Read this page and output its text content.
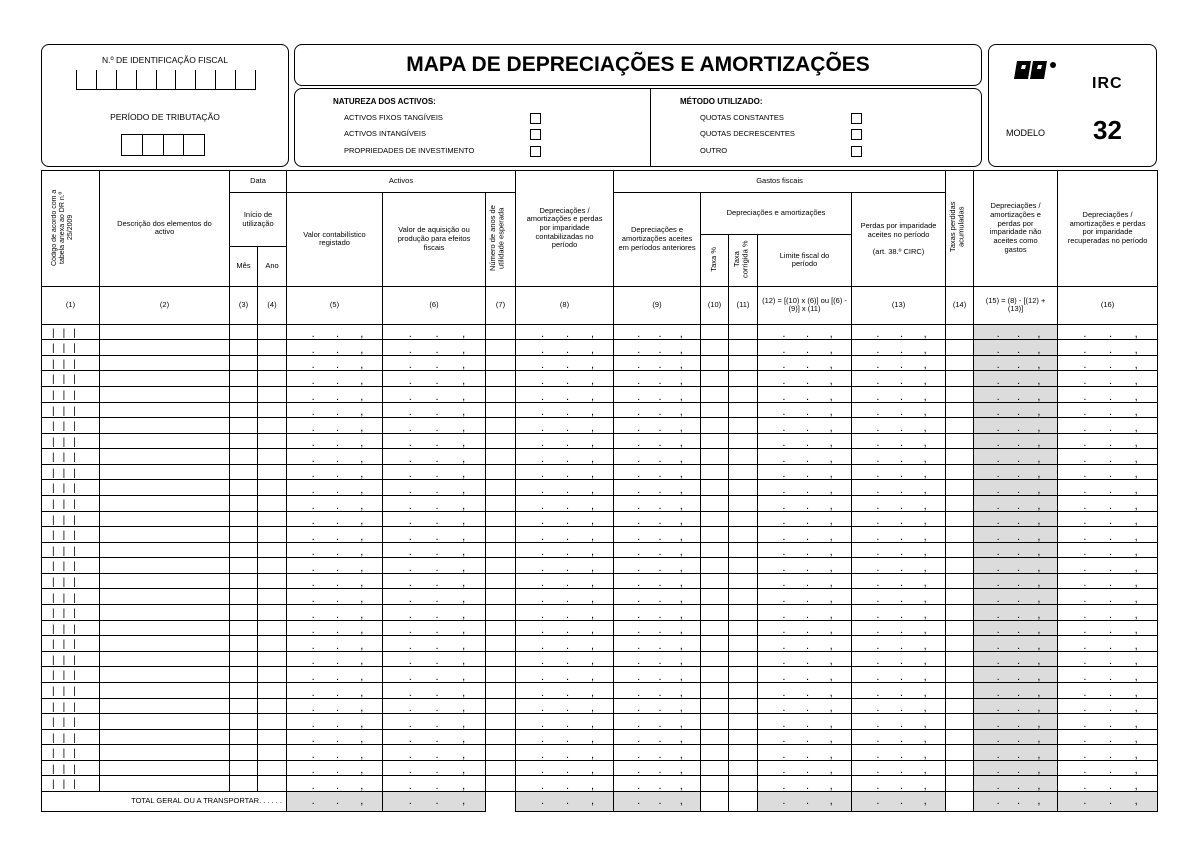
N.º DE IDENTIFICAÇÃO FISCAL
PERÍODO DE TRIBUTAÇÃO
MAPA DE DEPRECIAÇÕES E AMORTIZAÇÕES
NATUREZA DOS ACTIVOS:
ACTIVOS FIXOS TANGÍVEIS
ACTIVOS INTANGÍVEIS
PROPRIEDADES DE INVESTIMENTO
MÉTODO UTILIZADO:
QUOTAS CONSTANTES
QUOTAS DECRESCENTES
OUTRO
IRC
MODELO 32
Código de acordo com a tabela anexa ao DR n.º 25/2009	Descrição dos elementos do activo	Data		Activos			Depreciações / amortizações e perdas por imparidade contabilizadas no período	Gastos fiscais					Taxas perdidas acumuladas	Depreciações / amortizações e perdas por imparidade não aceites como gastos	Depreciações / amortizações e perdas por imparidade recuperadas no período
		Início de utilização		Valor contabilístico registado	Valor de aquisição ou produção para efeitos fiscais	Número de anos de utilidade esperada		Depreciações e amortizações aceites em períodos anteriores	Depreciações e amortizações			Perdas por imparidade aceites no período
(art. 38.º CIRC)			

									Taxa %	Taxa corrigida %	Limite fiscal do período				
		Mês	Ano												
(1)	(2)	(3)	(4)	(5)	(6)	(7)	(8)	(9)	(10)	(11)	(12) = [(10) x (6)] ou [(6) - (9)] x (11)	(13)	(14)	(15) = (8) - [(12) + (13)]	(16)

| | |				. . ,	. . ,		. . ,	. . ,			. . ,	. . ,		. . ,	. . ,

| | |				. . ,	. . ,		. . ,	. . ,			. . ,	. . ,		. . ,	. . ,

| | |				. . ,	. . ,		. . ,	. . ,			. . ,	. . ,		. . ,	. . ,

| | |				. . ,	. . ,		. . ,	. . ,			. . ,	. . ,		. . ,	. . ,

| | |				. . ,	. . ,		. . ,	. . ,			. . ,	. . ,		. . ,	. . ,

| | |				. . ,	. . ,		. . ,	. . ,			. . ,	. . ,		. . ,	. . ,

| | |				. . ,	. . ,		. . ,	. . ,			. . ,	. . ,		. . ,	. . ,

| | |				. . ,	. . ,		. . ,	. . ,			. . ,	. . ,		. . ,	. . ,

| | |				. . ,	. . ,		. . ,	. . ,			. . ,	. . ,		. . ,	. . ,

| | |				. . ,	. . ,		. . ,	. . ,			. . ,	. . ,		. . ,	. . ,

| | |				. . ,	. . ,		. . ,	. . ,			. . ,	. . ,		. . ,	. . ,

| | |				. . ,	. . ,		. . ,	. . ,			. . ,	. . ,		. . ,	. . ,

| | |				. . ,	. . ,		. . ,	. . ,			. . ,	. . ,		. . ,	. . ,

| | |				. . ,	. . ,		. . ,	. . ,			. . ,	. . ,		. . ,	. . ,

| | |				. . ,	. . ,		. . ,	. . ,			. . ,	. . ,		. . ,	. . ,

| | |				. . ,	. . ,		. . ,	. . ,			. . ,	. . ,		. . ,	. . ,

| | |				. . ,	. . ,		. . ,	. . ,			. . ,	. . ,		. . ,	. . ,

| | |				. . ,	. . ,		. . ,	. . ,			. . ,	. . ,		. . ,	. . ,

| | |				. . ,	. . ,		. . ,	. . ,			. . ,	. . ,		. . ,	. . ,

| | |				. . ,	. . ,		. . ,	. . ,			. . ,	. . ,		. . ,	. . ,

| | |				. . ,	. . ,		. . ,	. . ,			. . ,	. . ,		. . ,	. . ,

| | |				. . ,	. . ,		. . ,	. . ,			. . ,	. . ,		. . ,	. . ,

| | |				. . ,	. . ,		. . ,	. . ,			. . ,	. . ,		. . ,	. . ,

| | |				. . ,	. . ,		. . ,	. . ,			. . ,	. . ,		. . ,	. . ,

| | |				. . ,	. . ,		. . ,	. . ,			. . ,	. . ,		. . ,	. . ,

| | |				. . ,	. . ,		. . ,	. . ,			. . ,	. . ,		. . ,	. . ,

| | |				. . ,	. . ,		. . ,	. . ,			. . ,	. . ,		. . ,	. . ,

| | |				. . ,	. . ,		. . ,	. . ,			. . ,	. . ,		. . ,	. . ,

| | |				. . ,	. . ,		. . ,	. . ,			. . ,	. . ,		. . ,	. . ,

| | |				. . ,	. . ,		. . ,	. . ,			. . ,	. . ,		. . ,	. . ,

TOTAL GERAL OU A TRANSPORTAR. . . . . .				. . ,	. . ,		. . ,	. . ,			. . ,	. . ,		. . ,	. . ,
